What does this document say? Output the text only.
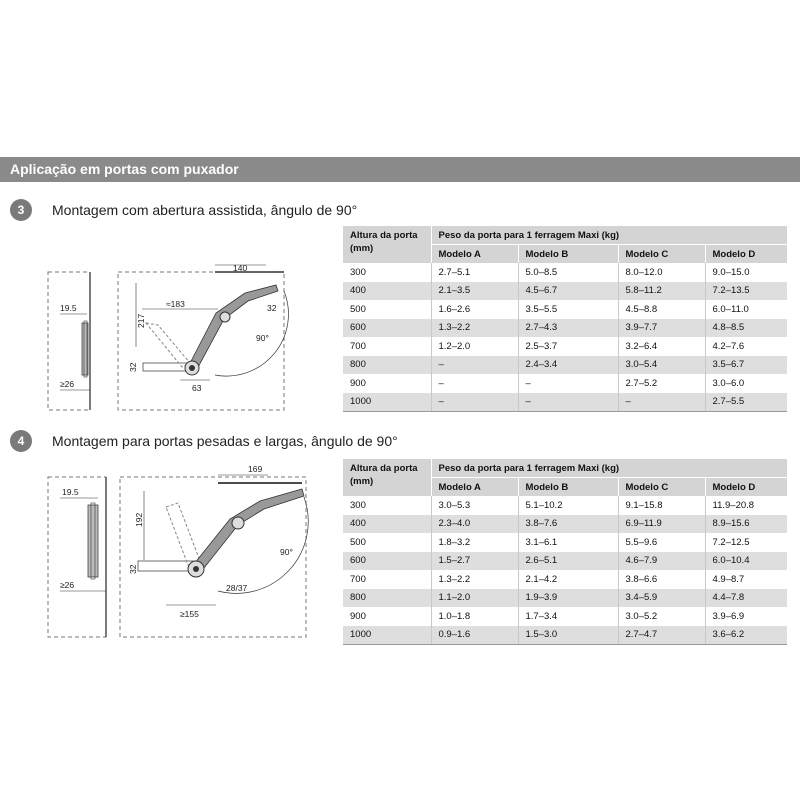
Aplicação em portas com puxador
3	Montagem com abertura assistida, ângulo de 90°
19.5
≥26
140
217
≈183
32
90°
32
63
Altura da porta (mm)	Peso da porta para 1 ferragem Maxi (kg)			
	Modelo A	Modelo B	Modelo C	Modelo D
300	2.7–5.1	5.0–8.5	8.0–12.0	9.0–15.0
400	2.1–3.5	4.5–6.7	5.8–11.2	7.2–13.5
500	1.6–2.6	3.5–5.5	4.5–8.8	6.0–11.0
600	1.3–2.2	2.7–4.3	3.9–7.7	4.8–8.5
700	1.2–2.0	2.5–3.7	3.2–6.4	4.2–7.6
800	–	2.4–3.4	3.0–5.4	3.5–6.7
900	–	–	2.7–5.2	3.0–6.0
1000	–	–	–	2.7–5.5
4	Montagem para portas pesadas e largas, ângulo de 90°
19.5
≥26
169
192
32
90°
≥155
28/37
Altura da porta (mm)	Peso da porta para 1 ferragem Maxi (kg)			
	Modelo A	Modelo B	Modelo C	Modelo D
300	3.0–5.3	5.1–10.2	9.1–15.8	11.9–20.8
400	2.3–4.0	3.8–7.6	6.9–11.9	8.9–15.6
500	1.8–3.2	3.1–6.1	5.5–9.6	7.2–12.5
600	1.5–2.7	2.6–5.1	4.6–7.9	6.0–10.4
700	1.3–2.2	2.1–4.2	3.8–6.6	4.9–8.7
800	1.1–2.0	1.9–3.9	3.4–5.9	4.4–7.8
900	1.0–1.8	1.7–3.4	3.0–5.2	3.9–6.9
1000	0.9–1.6	1.5–3.0	2.7–4.7	3.6–6.2
